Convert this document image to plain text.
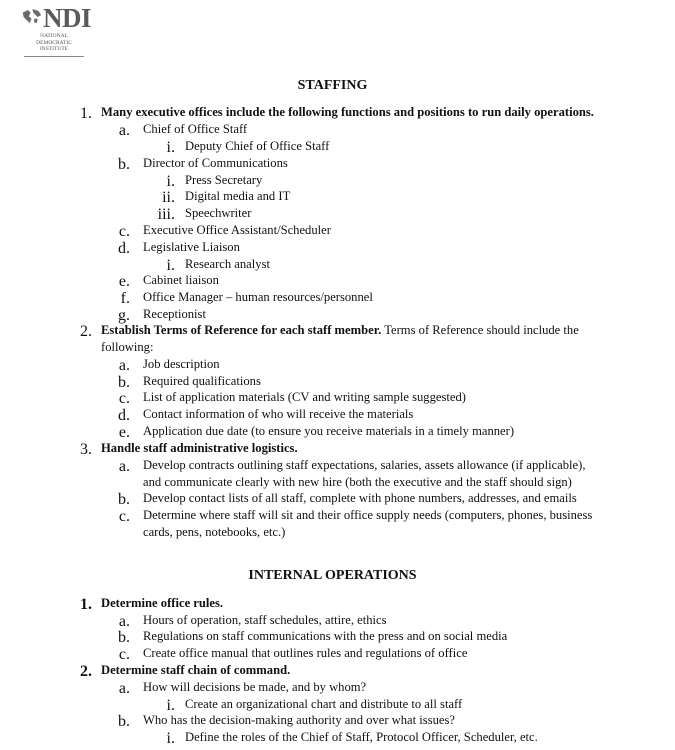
NDI
NATIONAL
DEMOCRATIC
INSTITUTE
STAFFING
1. Many executive offices include the following functions and positions to run daily operations.
a. Chief of Office Staff
i. Deputy Chief of Office Staff
b. Director of Communications
i. Press Secretary
ii. Digital media and IT
iii. Speechwriter
c. Executive Office Assistant/Scheduler
d. Legislative Liaison
i. Research analyst
e. Cabinet liaison
f. Office Manager – human resources/personnel
g. Receptionist
2. Establish Terms of Reference for each staff member. Terms of Reference should include the
following:
a. Job description
b. Required qualifications
c. List of application materials (CV and writing sample suggested)
d. Contact information of who will receive the materials
e. Application due date (to ensure you receive materials in a timely manner)
3. Handle staff administrative logistics.
a. Develop contracts outlining staff expectations, salaries, assets allowance (if applicable),
and communicate clearly with new hire (both the executive and the staff should sign)
b. Develop contact lists of all staff, complete with phone numbers, addresses, and emails
c. Determine where staff will sit and their office supply needs (computers, phones, business
cards, pens, notebooks, etc.)
INTERNAL OPERATIONS
1. Determine office rules.
a. Hours of operation, staff schedules, attire, ethics
b. Regulations on staff communications with the press and on social media
c. Create office manual that outlines rules and regulations of office
2. Determine staff chain of command.
a. How will decisions be made, and by whom?
i. Create an organizational chart and distribute to all staff
b. Who has the decision-making authority and over what issues?
i. Define the roles of the Chief of Staff, Protocol Officer, Scheduler, etc.
